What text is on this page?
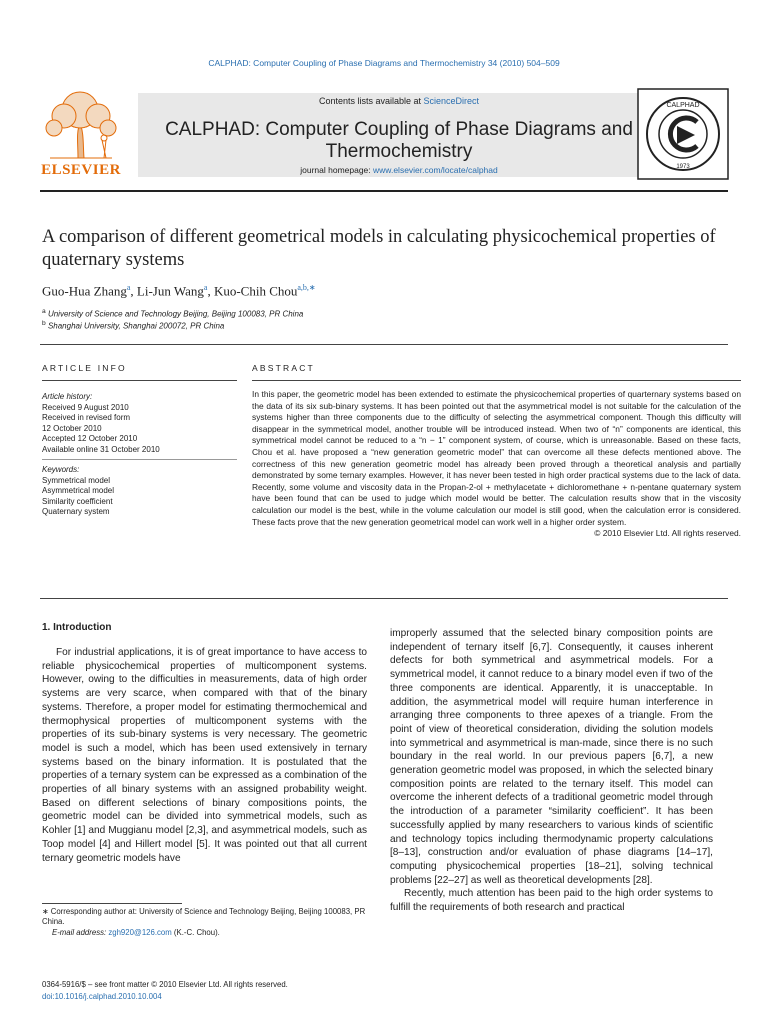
CALPHAD: Computer Coupling of Phase Diagrams and Thermochemistry 34 (2010) 504–509
ELSEVIER
Contents lists available at ScienceDirect
CALPHAD: Computer Coupling of Phase Diagrams and Thermochemistry
journal homepage: www.elsevier.com/locate/calphad
CALPHAD
1973
A comparison of different geometrical models in calculating physicochemical properties of quaternary systems
Guo-Hua Zhang$^a$, Li-Jun Wang$^a$, Kuo-Chih Chou$^{a,b,∗}$
$^a$ University of Science and Technology Beijing, Beijing 100083, PR China
$^b$ Shanghai University, Shanghai 200072, PR China
ARTICLE INFO	ABSTRACT
Article history:
Received 9 August 2010
Received in revised form
12 October 2010
Accepted 12 October 2010
Available online 31 October 2010
Keywords:
Symmetrical model
Asymmetrical model
Similarity coefficient
Quaternary system
In this paper, the geometric model has been extended to estimate the physicochemical properties of quarternary systems based on the data of its six sub-binary systems. It has been pointed out that the asymmetrical model is not suitable for the calculation of the systems higher than three components due to the difficulty of selecting the asymmetrical component. Though this difficulty will disappear in the symmetrical model, another trouble will be introduced instead. When two of “n” components are identical, this symmetrical model cannot be reduced to a “n − 1” component system, of course, which is unreasonable. Based on these facts, Chou et al. have proposed a “new generation geometric model” that can overcome all these defects mentioned above. The correctness of this new generation geometric model has already been proved through a theoretical analysis and partially demonstrated by some ternary examples. However, it has never been tested in high order practical systems due to the lack of data. Recently, some volume and viscosity data in the Propan-2-ol + methylacetate + dichloromethane + n-pentane quaternary system have been found that can be used to judge which model would be better. The calculation results show that in the viscosity calculation our model is the best, while in the volume calculation our model is still good, when the calculation error is considered. These facts prove that the new generation geometrical model can work well in a higher order system.
© 2010 Elsevier Ltd. All rights reserved.
1. Introduction

For industrial applications, it is of great importance to have access to reliable physicochemical properties of multicomponent systems. However, owing to the difficulties in measurements, data of high order systems are very scarce, when compared with that of the binary systems. Therefore, a proper model for estimating thermochemical and thermophysical properties of multicomponent systems with the properties of its sub-binary systems is very necessary. The geometric model is such a model, which has been used extensively in ternary systems based on the binary information. It is postulated that the properties of a ternary system can be expressed as a combination of the properties of all binary systems with an assigned probability weight. Based on different selections of binary compositions points, the geometric model can be divided into symmetrical models, such as Kohler [1] and Muggianu model [2,3], and asymmetrical models, such as Toop model [4] and Hillert model [5]. It was pointed out that all current ternary geometric models have

improperly assumed that the selected binary composition points are independent of ternary itself [6,7]. Consequently, it causes inherent defects for both symmetrical and asymmetrical models. For a symmetrical model, it cannot reduce to a binary model even if two of the three components are identical. Apparently, it is unacceptable. In addition, the asymmetrical model will require human interference in arranging three components to three apexes of a triangle. From the point of view of theoretical consideration, dividing the solution models into symmetrical and asymmetrical is man-made, since there is no such boundary in the real world. In our previous papers [6,7], a new generation geometric model was proposed, in which the selected binary composition points are related to the ternary itself. This model can overcome the inherent defects of a traditional geometric model through the introduction of a parameter “similarity coefficient”. It has been successfully applied by many researchers to various kinds of scientific and technology topics including thermodynamic property calculations [8–13], construction and/or evaluation of phase diagrams [14–17], computing physicochemical properties [18–21], solving technical problems [22–27] as well as theoretical developments [28].

Recently, much attention has been paid to the high order systems to fulfill the requirements of both research and practical

∗ Corresponding author at: University of Science and Technology Beijing, Beijing 100083, PR China.
E-mail address: zgh920@126.com (K.-C. Chou).
0364-5916/$ – see front matter © 2010 Elsevier Ltd. All rights reserved.
doi:10.1016/j.calphad.2010.10.004
